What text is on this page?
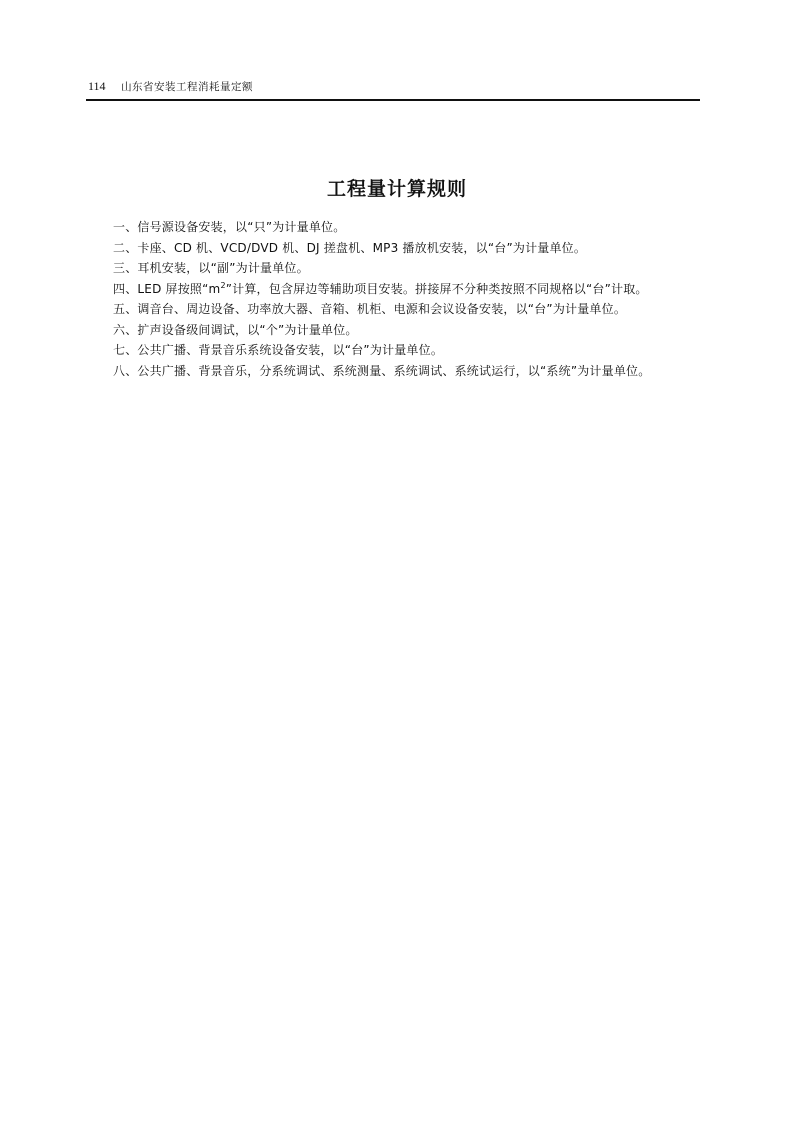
114 山东省安装工程消耗量定额
工程量计算规则

一、信号源设备安装，以“只”为计量单位。

二、卡座、CD 机、VCD/DVD 机、DJ 搓盘机、MP3 播放机安装，以“台”为计量单位。

三、耳机安装，以“副”为计量单位。

四、LED 屏按照“$m^2$”计算，包含屏边等辅助项目安装。拼接屏不分种类按照不同规格以“台”计取。

五、调音台、周边设备、功率放大器、音箱、机柜、电源和会议设备安装，以“台”为计量单位。

六、扩声设备级间调试，以“个”为计量单位。

七、公共广播、背景音乐系统设备安装，以“台”为计量单位。

八、公共广播、背景音乐，分系统调试、系统测量、系统调试、系统试运行，以“系统”为计量单位。
